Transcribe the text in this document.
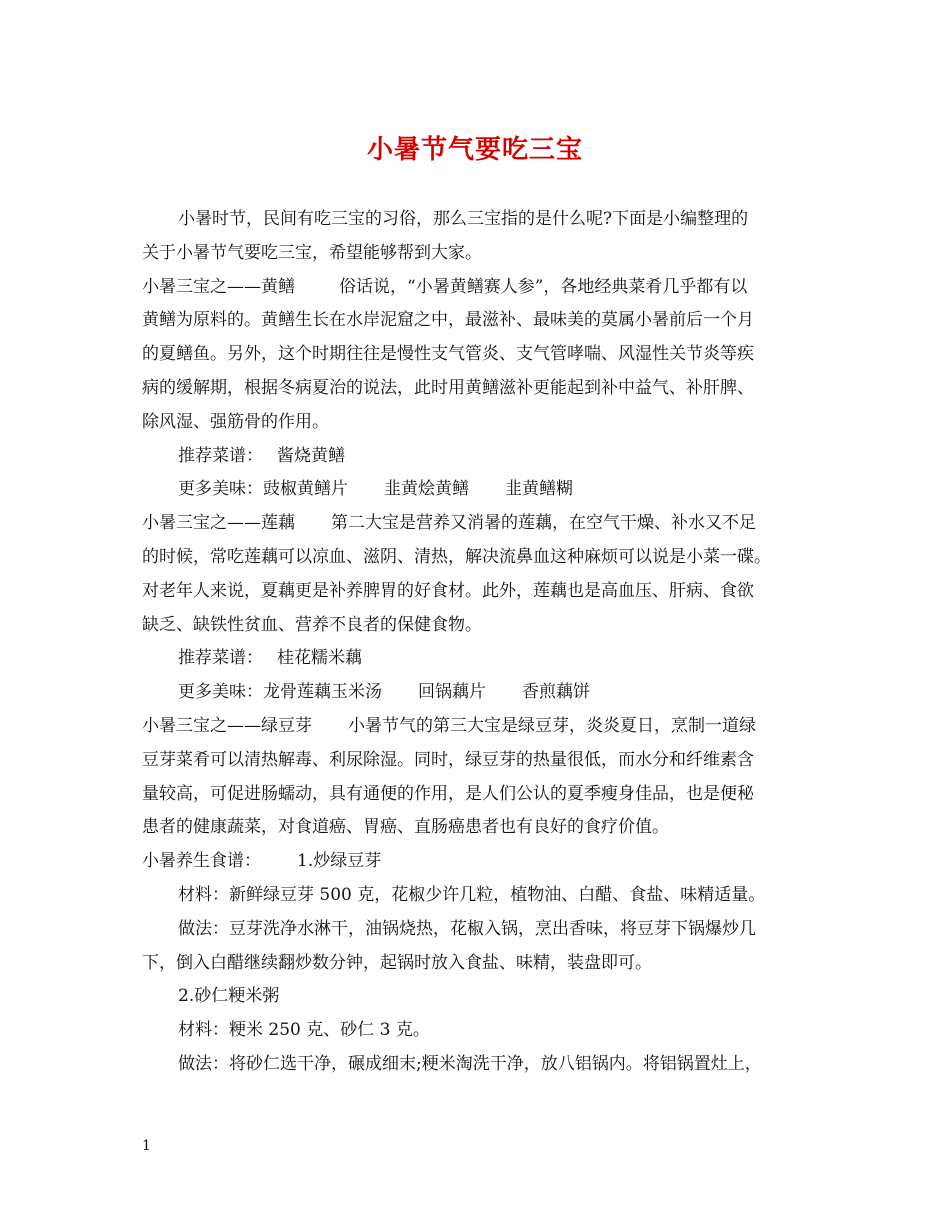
小暑节气要吃三宝

小暑时节，民间有吃三宝的习俗，那么三宝指的是什么呢?下面是小编整理的

关于小暑节气要吃三宝，希望能够帮到大家。

小暑三宝之——黄鳝	俗话说，“小暑黄鳝赛人参”，各地经典菜肴几乎都有以

黄鳝为原料的。黄鳝生长在水岸泥窟之中，最滋补、最味美的莫属小暑前后一个月

的夏鳝鱼。另外，这个时期往往是慢性支气管炎、支气管哮喘、风湿性关节炎等疾

病的缓解期，根据冬病夏治的说法，此时用黄鳝滋补更能起到补中益气、补肝脾、

除风湿、强筋骨的作用。

推荐菜谱： 酱烧黄鳝

更多美味：豉椒黄鳝片 韭黄烩黄鳝 韭黄鳝糊

小暑三宝之——莲藕 第二大宝是营养又消暑的莲藕，在空气干燥、补水又不足

的时候，常吃莲藕可以凉血、滋阴、清热，解决流鼻血这种麻烦可以说是小菜一碟。

对老年人来说，夏藕更是补养脾胃的好食材。此外，莲藕也是高血压、肝病、食欲

缺乏、缺铁性贫血、营养不良者的保健食物。

推荐菜谱： 桂花糯米藕

更多美味：龙骨莲藕玉米汤 回锅藕片 香煎藕饼

小暑三宝之——绿豆芽 小暑节气的第三大宝是绿豆芽，炎炎夏日，烹制一道绿

豆芽菜肴可以清热解毒、利尿除湿。同时，绿豆芽的热量很低，而水分和纤维素含

量较高，可促进肠蠕动，具有通便的作用，是人们公认的夏季瘦身佳品，也是便秘

患者的健康蔬菜，对食道癌、胃癌、直肠癌患者也有良好的食疗价值。

小暑养生食谱： 1.炒绿豆芽

材料：新鲜绿豆芽 500 克，花椒少许几粒，植物油、白醋、食盐、味精适量。

做法：豆芽洗净水淋干，油锅烧热，花椒入锅，烹出香味，将豆芽下锅爆炒几

下，倒入白醋继续翻炒数分钟，起锅时放入食盐、味精，装盘即可。

2.砂仁粳米粥

材料：粳米 250 克、砂仁 3 克。

做法：将砂仁选干净，碾成细末;粳米淘洗干净，放八铝锅内。将铝锅置灶上，

1
